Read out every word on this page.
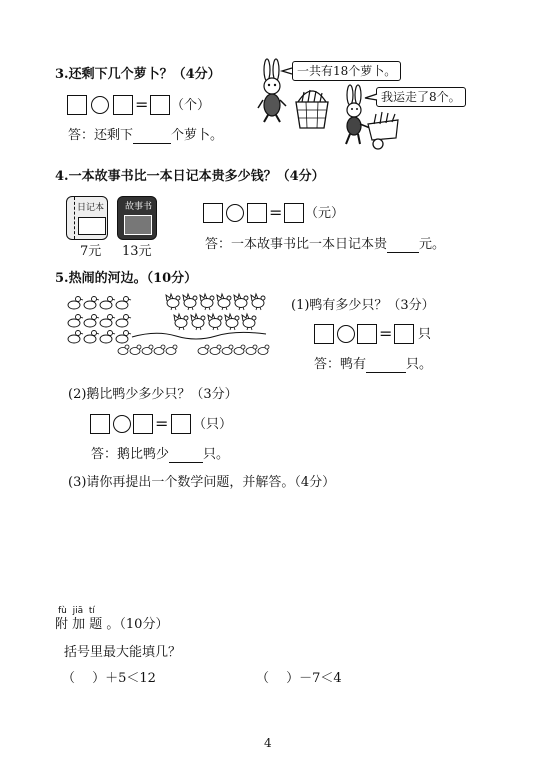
3.还剩下几个萝卜？（4分）
= （个）
答：还剩下	个萝卜。
一共有18个萝卜。
我运走了8个。
4.一本故事书比一本日记本贵多少钱？（4分）
日记本
7元
故事书
13元
= （元）
答：一本故事书比一本日记本贵 元。
5.热闹的河边。（10分）
(1)鸭有多少只？（3分）
= 只
答：鸭有	只。
(2)鹅比鸭少多少只？（3分）
= （只）
答：鹅比鸭少	只。
(3)请你再提出一个数学问题，并解答。（4分）
fù  jiā  tí
附 加 题 。（10分）
括号里最大能填几？
（　 ）＋5＜12	（　 ）－7＜4
4
